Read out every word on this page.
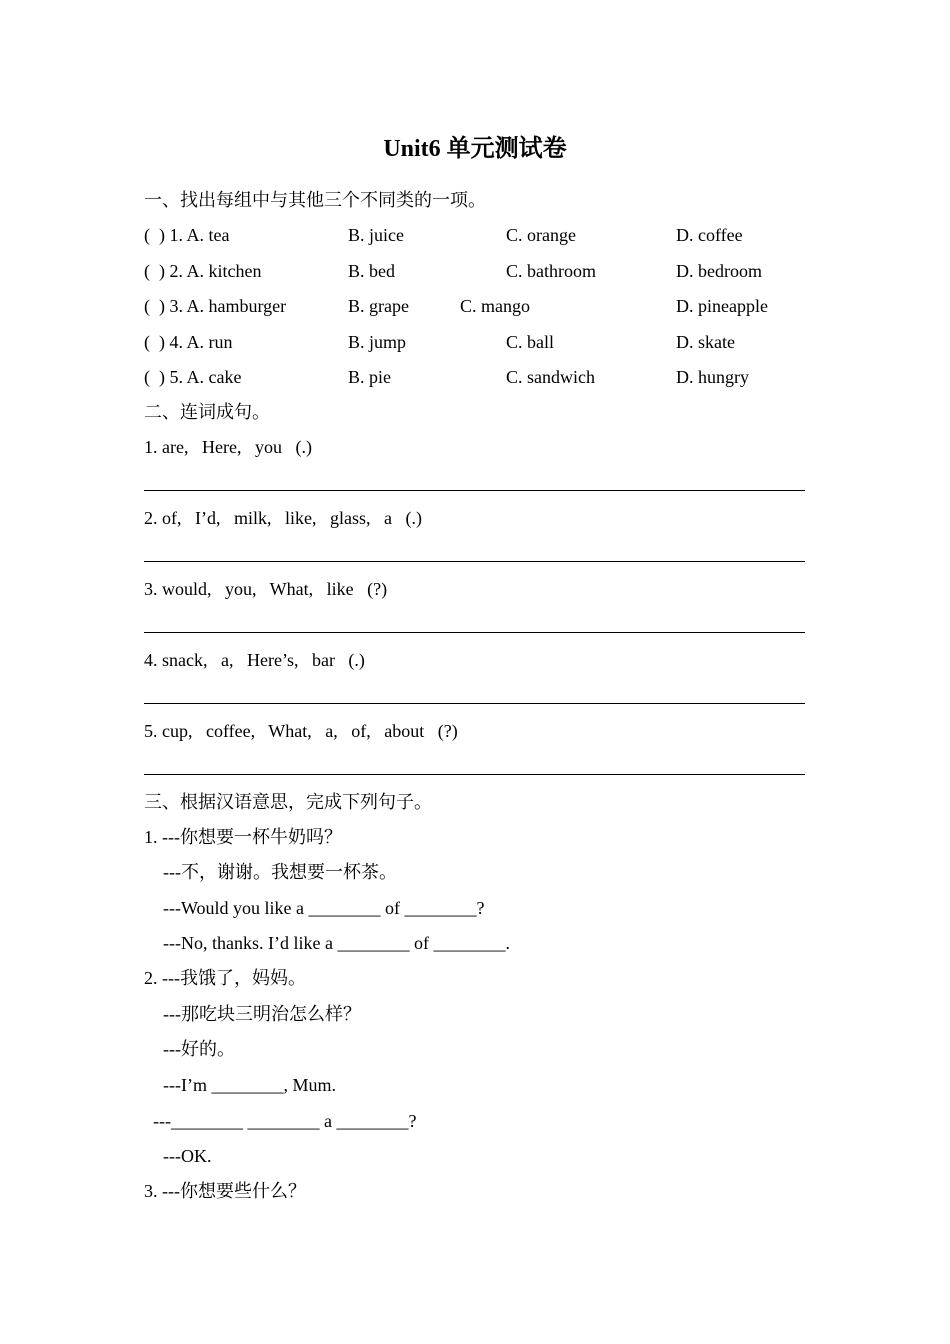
Unit6 单元测试卷
一、找出每组中与其他三个不同类的一项。
(  ) 1. A. tea	B. juice	C. orange	D. coffee
(  ) 2. A. kitchen	B. bed	C. bathroom	D. bedroom
(  ) 3. A. hamburger	B. grape	C. mango	D. pineapple
(  ) 4. A. run	B. jump	C. ball	D. skate
(  ) 5. A. cake	B. pie	C. sandwich	D. hungry
二、连词成句。
1. are,   Here,   you   (.)
2. of,   I’d,   milk,   like,   glass,   a   (.)
3. would,   you,   What,   like   (?)
4. snack,   a,   Here’s,   bar   (.)
5. cup,   coffee,   What,   a,   of,   about   (?)
三、根据汉语意思，完成下列句子。
1. ---你想要一杯牛奶吗？
---不，谢谢。我想要一杯茶。
---Would you like a ________ of ________?
---No, thanks. I’d like a ________ of ________.
2. ---我饿了，妈妈。
---那吃块三明治怎么样？
---好的。
---I’m ________, Mum.
---________ ________ a ________?
---OK.
3. ---你想要些什么？
